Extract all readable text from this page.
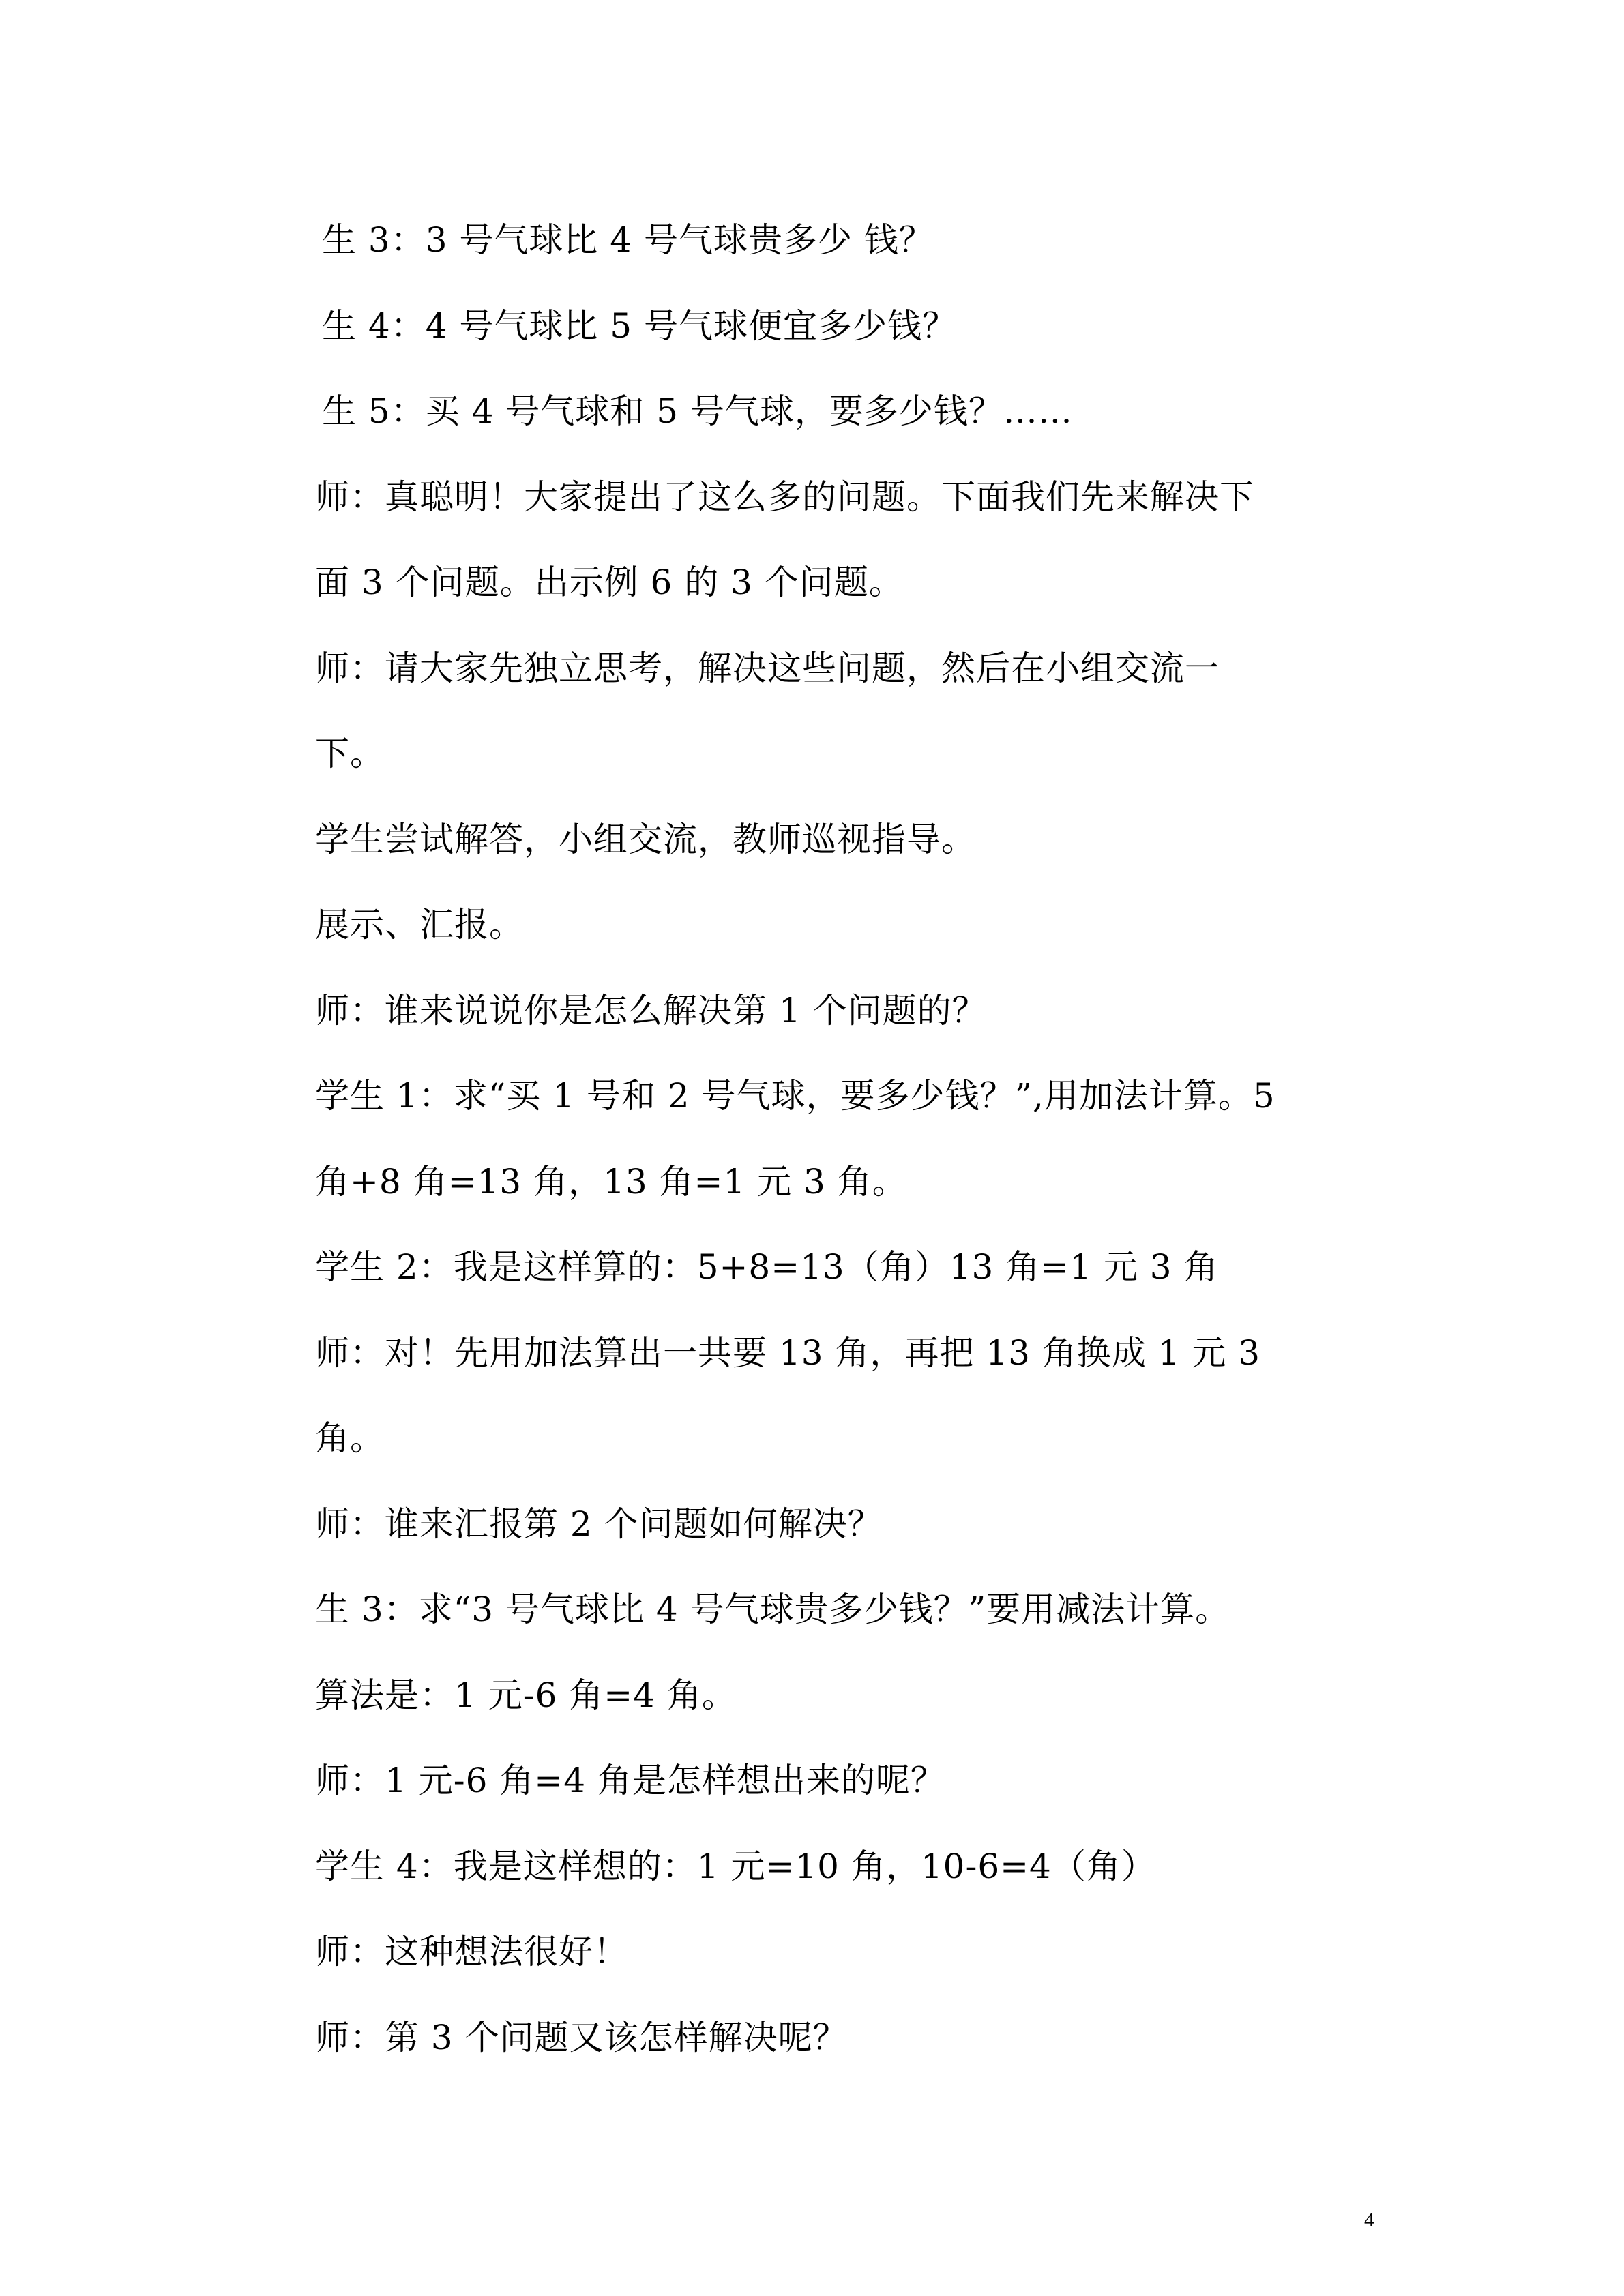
生 3：3 号气球比 4 号气球贵多少 钱？

生 4：4 号气球比 5 号气球便宜多少钱？

生 5：买 4 号气球和 5 号气球，要多少钱？……

师：真聪明！大家提出了这么多的问题。下面我们先来解决下

面 3 个问题。出示例 6 的 3 个问题。

师：请大家先独立思考，解决这些问题，然后在小组交流一

下。

学生尝试解答，小组交流，教师巡视指导。

展示、汇报。

师：谁来说说你是怎么解决第 1 个问题的？

学生 1：求“买 1 号和 2 号气球，要多少钱？”,用加法计算。5

角+8 角=13 角，13 角=1 元 3 角。

学生 2：我是这样算的：5+8=13（角）13 角=1 元 3 角

师：对！先用加法算出一共要 13 角，再把 13 角换成 1 元 3

角。

师：谁来汇报第 2 个问题如何解决？

生 3：求“3 号气球比 4 号气球贵多少钱？”要用减法计算。

算法是：1 元-6 角=4 角。

师：1 元-6 角=4 角是怎样想出来的呢？

学生 4：我是这样想的：1 元=10 角，10-6=4（角）

师：这种想法很好！

师：第 3 个问题又该怎样解决呢？

4
